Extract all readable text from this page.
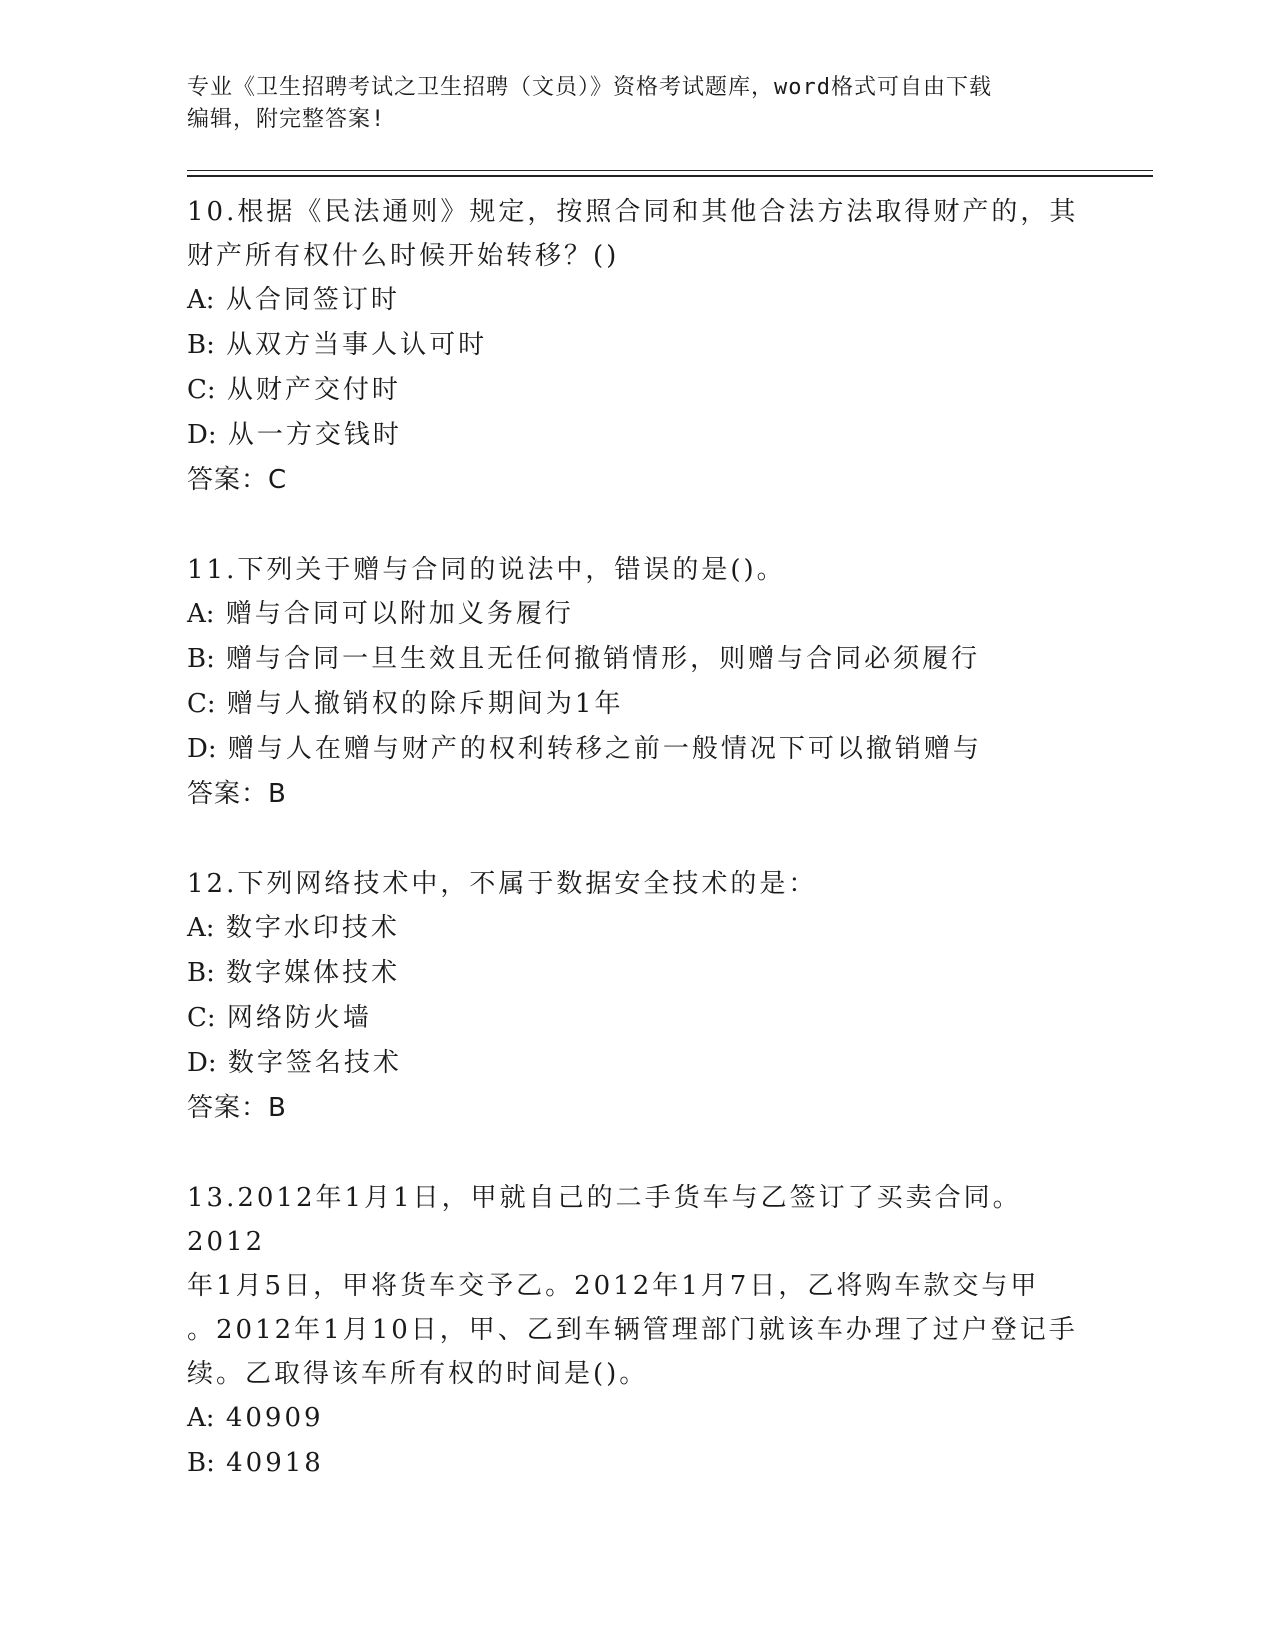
专业《卫生招聘考试之卫生招聘（文员）》资格考试题库，word格式可自由下载
编辑，附完整答案!

10.根据《民法通则》规定，按照合同和其他合法方法取得财产的，其
财产所有权什么时候开始转移？()

A: 从合同签订时

B: 从双方当事人认可时

C: 从财产交付时

D: 从一方交钱时

答案：C

11.下列关于赠与合同的说法中，错误的是()。

A: 赠与合同可以附加义务履行

B: 赠与合同一旦生效且无任何撤销情形，则赠与合同必须履行

C: 赠与人撤销权的除斥期间为1年

D: 赠与人在赠与财产的权利转移之前一般情况下可以撤销赠与

答案：B

12.下列网络技术中，不属于数据安全技术的是：

A: 数字水印技术

B: 数字媒体技术

C: 网络防火墙

D: 数字签名技术

答案：B

13.2012年1月1日，甲就自己的二手货车与乙签订了买卖合同。2012
年1月5日，甲将货车交予乙。2012年1月7日，乙将购车款交与甲
。2012年1月10日，甲、乙到车辆管理部门就该车办理了过户登记手
续。乙取得该车所有权的时间是()。

A: 40909

B: 40918
